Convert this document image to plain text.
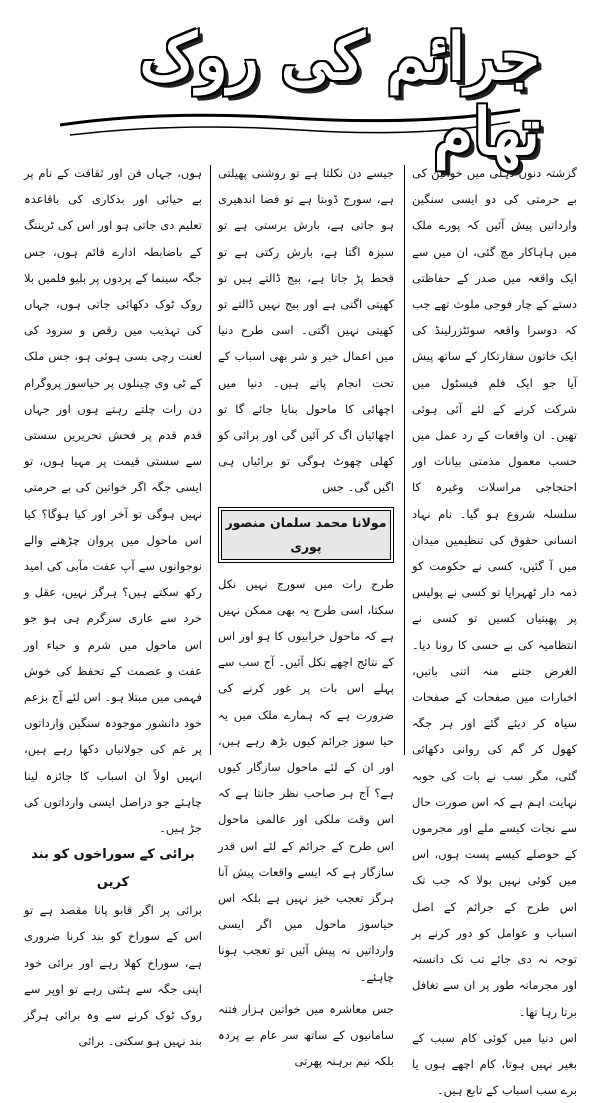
جرائم کی روک تھام

گزشتہ دنوں دہلی میں خواتین کی بے حرمتی کی دو ایسی سنگین وارداتیں پیش آئیں کہ پورے ملک میں ہاہاکار مچ گئی، ان میں سے ایک واقعہ میں صدر کے حفاظتی دستے کے چار فوجی ملوث تھے جب کہ دوسرا واقعہ سوئٹزرلینڈ کی ایک خاتون سفارتکار کے ساتھ پیش آیا جو ایک فلم فیسٹول میں شرکت کرنے کے لئے آئی ہوئی تھیں۔ ان واقعات کے رد عمل میں حسب معمول مذمتی بیانات اور احتجاجی مراسلات وغیرہ کا سلسلہ شروع ہو گیا۔ نام نہاد انسانی حقوق کی تنظیمیں میدان میں آ گئیں، کسی نے حکومت کو ذمہ دار ٹھہرایا تو کسی نے پولیس پر پھبتیاں کسیں تو کسی نے انتظامیہ کی بے حسی کا رونا دیا۔ الغرض جتنے منہ اتنی باتیں، اخبارات میں صفحات کے صفحات سیاہ کر دیئے گئے اور ہر جگہ کھول کر گم کی روانی دکھائی گئی، مگر سب نے بات کی جوبہ نہایت اہم ہے کہ اس صورت حال سے نجات کیسے ملے اور مجرموں کے حوصلے کیسے پست ہوں، اس میں کوئی نہیں بولا کہ جب تک اس طرح کے جرائم کے اصل اسباب و عوامل کو دور کرنے پر توجہ نہ دی جائے تب تک دانستہ اور مجرمانہ طور پر ان سے تغافل برتا رہا تھا۔

اس دنیا میں کوئی کام سبب کے بغیر نہیں ہوتا، کام اچھے ہوں یا برے سب اسباب کے تابع ہیں۔

جیسے دن نکلتا ہے تو روشنی پھیلتی ہے، سورج ڈوبتا ہے تو فضا اندھیری ہو جاتی ہے، بارش برستی ہے تو سبزہ اگتا ہے، بارش رکتی ہے تو قحط پڑ جاتا ہے، بیج ڈالتے ہیں تو کھیتی اگتی ہے اور بیج نہیں ڈالتے تو کھیتی نہیں اگتی۔ اسی طرح دنیا میں اعمال خیر و شر بھی اسباب کے تحت انجام پاتے ہیں۔ دنیا میں اچھائی کا ماحول بنایا جائے گا تو اچھائیاں اگ کر آئیں گی اور برائی کو کھلی چھوٹ ہوگی تو برائیاں ہی اگیں گی۔ جس

مولانا محمد سلمان منصور پوری

طرح رات میں سورج نہیں نکل سکتا، اسی طرح یہ بھی ممکن نہیں ہے کہ ماحول خرابیوں کا ہو اور اس کے نتائج اچھے نکل آئیں۔ آج سب سے پہلے اس بات پر غور کرنے کی ضرورت ہے کہ ہمارے ملک میں یہ حیا سوز جرائم کیوں بڑھ رہے ہیں، اور ان کے لئے ماحول سازگار کیوں ہے؟ آج ہر صاحب نظر جانتا ہے کہ اس وقت ملکی اور عالمی ماحول اس طرح کے جرائم کے لئے اس قدر سازگار ہے کہ ایسے واقعات پیش آنا ہرگز تعجب خیز نہیں ہے بلکہ اس حیاسوز ماحول میں اگر ایسی وارداتیں نہ پیش آئیں تو تعجب ہونا چاہئے۔

جس معاشرہ میں خواتین ہزار فتنہ سامانیوں کے ساتھ سر عام بے پردہ بلکہ نیم برہنہ پھرتی

ہوں، جہاں فن اور ثقافت کے نام پر بے حیائی اور بدکاری کی باقاعدہ تعلیم دی جاتی ہو اور اس کی ٹریننگ کے باضابطہ ادارے قائم ہوں، جس جگہ سینما کے پردوں پر بلیو فلمیں بلا روک ٹوک دکھائی جاتی ہوں، جہاں کی تہذیب میں رقص و سرود کی لعنت رچی بسی ہوئی ہو، جس ملک کے ٹی وی چینلوں پر حیاسوز پروگرام دن رات چلتے رہتے ہوں اور جہاں قدم قدم پر فحش تحریریں سستی سے سستی قیمت پر مہیا ہوں، تو ایسی جگہ اگر خواتین کی بے حرمتی نہیں ہوگی تو آخر اور کیا ہوگا؟ کیا اس ماحول میں پروان چڑھنے والے نوجوانوں سے آپ عفت مآبی کی امید رکھ سکتے ہیں؟ ہرگز نہیں، عقل و خرد سے عاری سرگرم ہی ہو جو اس ماحول میں شرم و حیاء اور عفت و عصمت کے تحفظ کی خوش فہمی میں مبتلا ہو۔ اس لئے آج بزعم خود دانشور موجودہ سنگین وارداتوں پر غم کی جولانیاں دکھا رہے ہیں، انہیں اولاً ان اسباب کا جائزہ لینا چاہئے جو دراصل ایسی وارداتوں کی جڑ ہیں۔

برائی کے سوراخوں کو بند کریں

برائی پر اگر قابو پانا مقصد ہے تو اس کے سوراخ کو بند کرنا ضروری ہے، سوراخ کھلا رہے اور برائی خود اپنی جگہ سے ہٹتی رہے تو اوپر سے روک ٹوک کرنے سے وہ برائی ہرگز بند نہیں ہو سکتی۔ برائی
